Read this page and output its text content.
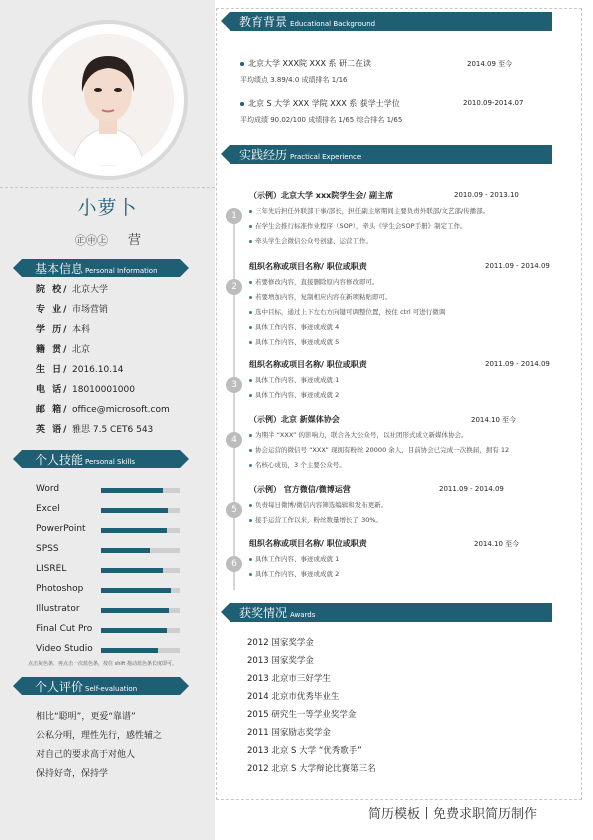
小萝卜
㊣㊥㊤ 营
基本信息 Personal Information
院 校/ 北京大学
专 业/ 市场营销
学 历/ 本科
籍 贯/ 北京
生 日/ 2016.10.14
电 话/ 18010001000
邮 箱/ office@microsoft.com
英 语/ 雅思 7.5 CET6 543
个人技能 Personal Skills
Word
Excel
PowerPoint
SPSS
LISREL
Photoshop
Illustrator
Final Cut Pro
Video Studio
点击灰色条，再点击一次蓝色条，按住 shift 拖动蓝色条长度即可。
个人评价 Self-evaluation
相比“聪明”，更爱“靠谱”
公私分明，理性先行，感性辅之
对自己的要求高于对他人
保持好奇，保持学
教育背景 Educational Background
北京大学 XXX院 XXX 系 研二在读	2014.09 至今
平均绩点 3.89/4.0 成绩排名 1/16
北京 S 大学 XXX 学院 XXX 系 获学士学位	2010.09-2014.07
平均成绩 90.02/100 成绩排名 1/65 综合排名 1/65
实践经历 Practical Experience
1
（示例）北京大学 xxx院学生会/ 副主席	2010.09 - 2013.10
三年先后担任外联部干事/部长，担任副主席期间主要负责外联部/文艺部/传播部。
在学生会推行标准作业程序（SOP），牵头《学生会SOP手册》制定工作。
牵头学生会微信公众号创建、运营工作。
2
组织名称或项目名称/ 职位或职责	2011.09 - 2014.09
若要修改内容，直接删除原内容修改即可。
若要增加内容，复制相应内容在新项粘贴即可。
选中目标，通过上下左右方向键可调整位置，按住 ctrl 可进行微调
具体工作内容、事迹或成就 4
具体工作内容、事迹或成就 5
3
组织名称或项目名称/ 职位或职责	2011.09 - 2014.09
具体工作内容、事迹或成就 1
具体工作内容、事迹或成就 2
4
（示例）北京 新媒体协会	2014.10 至今
为期半 “XXX” 的影响力，联合各大公众号，以社团形式成立新媒体协会。
协会运营的微信号 “XXX” 现拥有粉丝 20000 余人，目前协会已完成一次换届，拥有 12
名核心成员，3 个主要公众号。
5
（示例） 官方微信/微博运营	2011.09 - 2014.09
负责每日微博/微信内容筛选编辑和发布更新。
接手运营工作以来，粉丝数量增长了 30%。
6
组织名称或项目名称/ 职位或职责	2014.10 至今
具体工作内容、事迹或成就 1
具体工作内容、事迹或成就 2
获奖情况 Awards
2012 国家奖学金
2013 国家奖学金
2013 北京市三好学生
2014 北京市优秀毕业生
2015 研究生一等学业奖学金
2011 国家励志奖学金
2013 北京 S 大学 “优秀歌手”
2012 北京 S 大学辩论比赛第三名
简历模板丨免费求职简历制作
